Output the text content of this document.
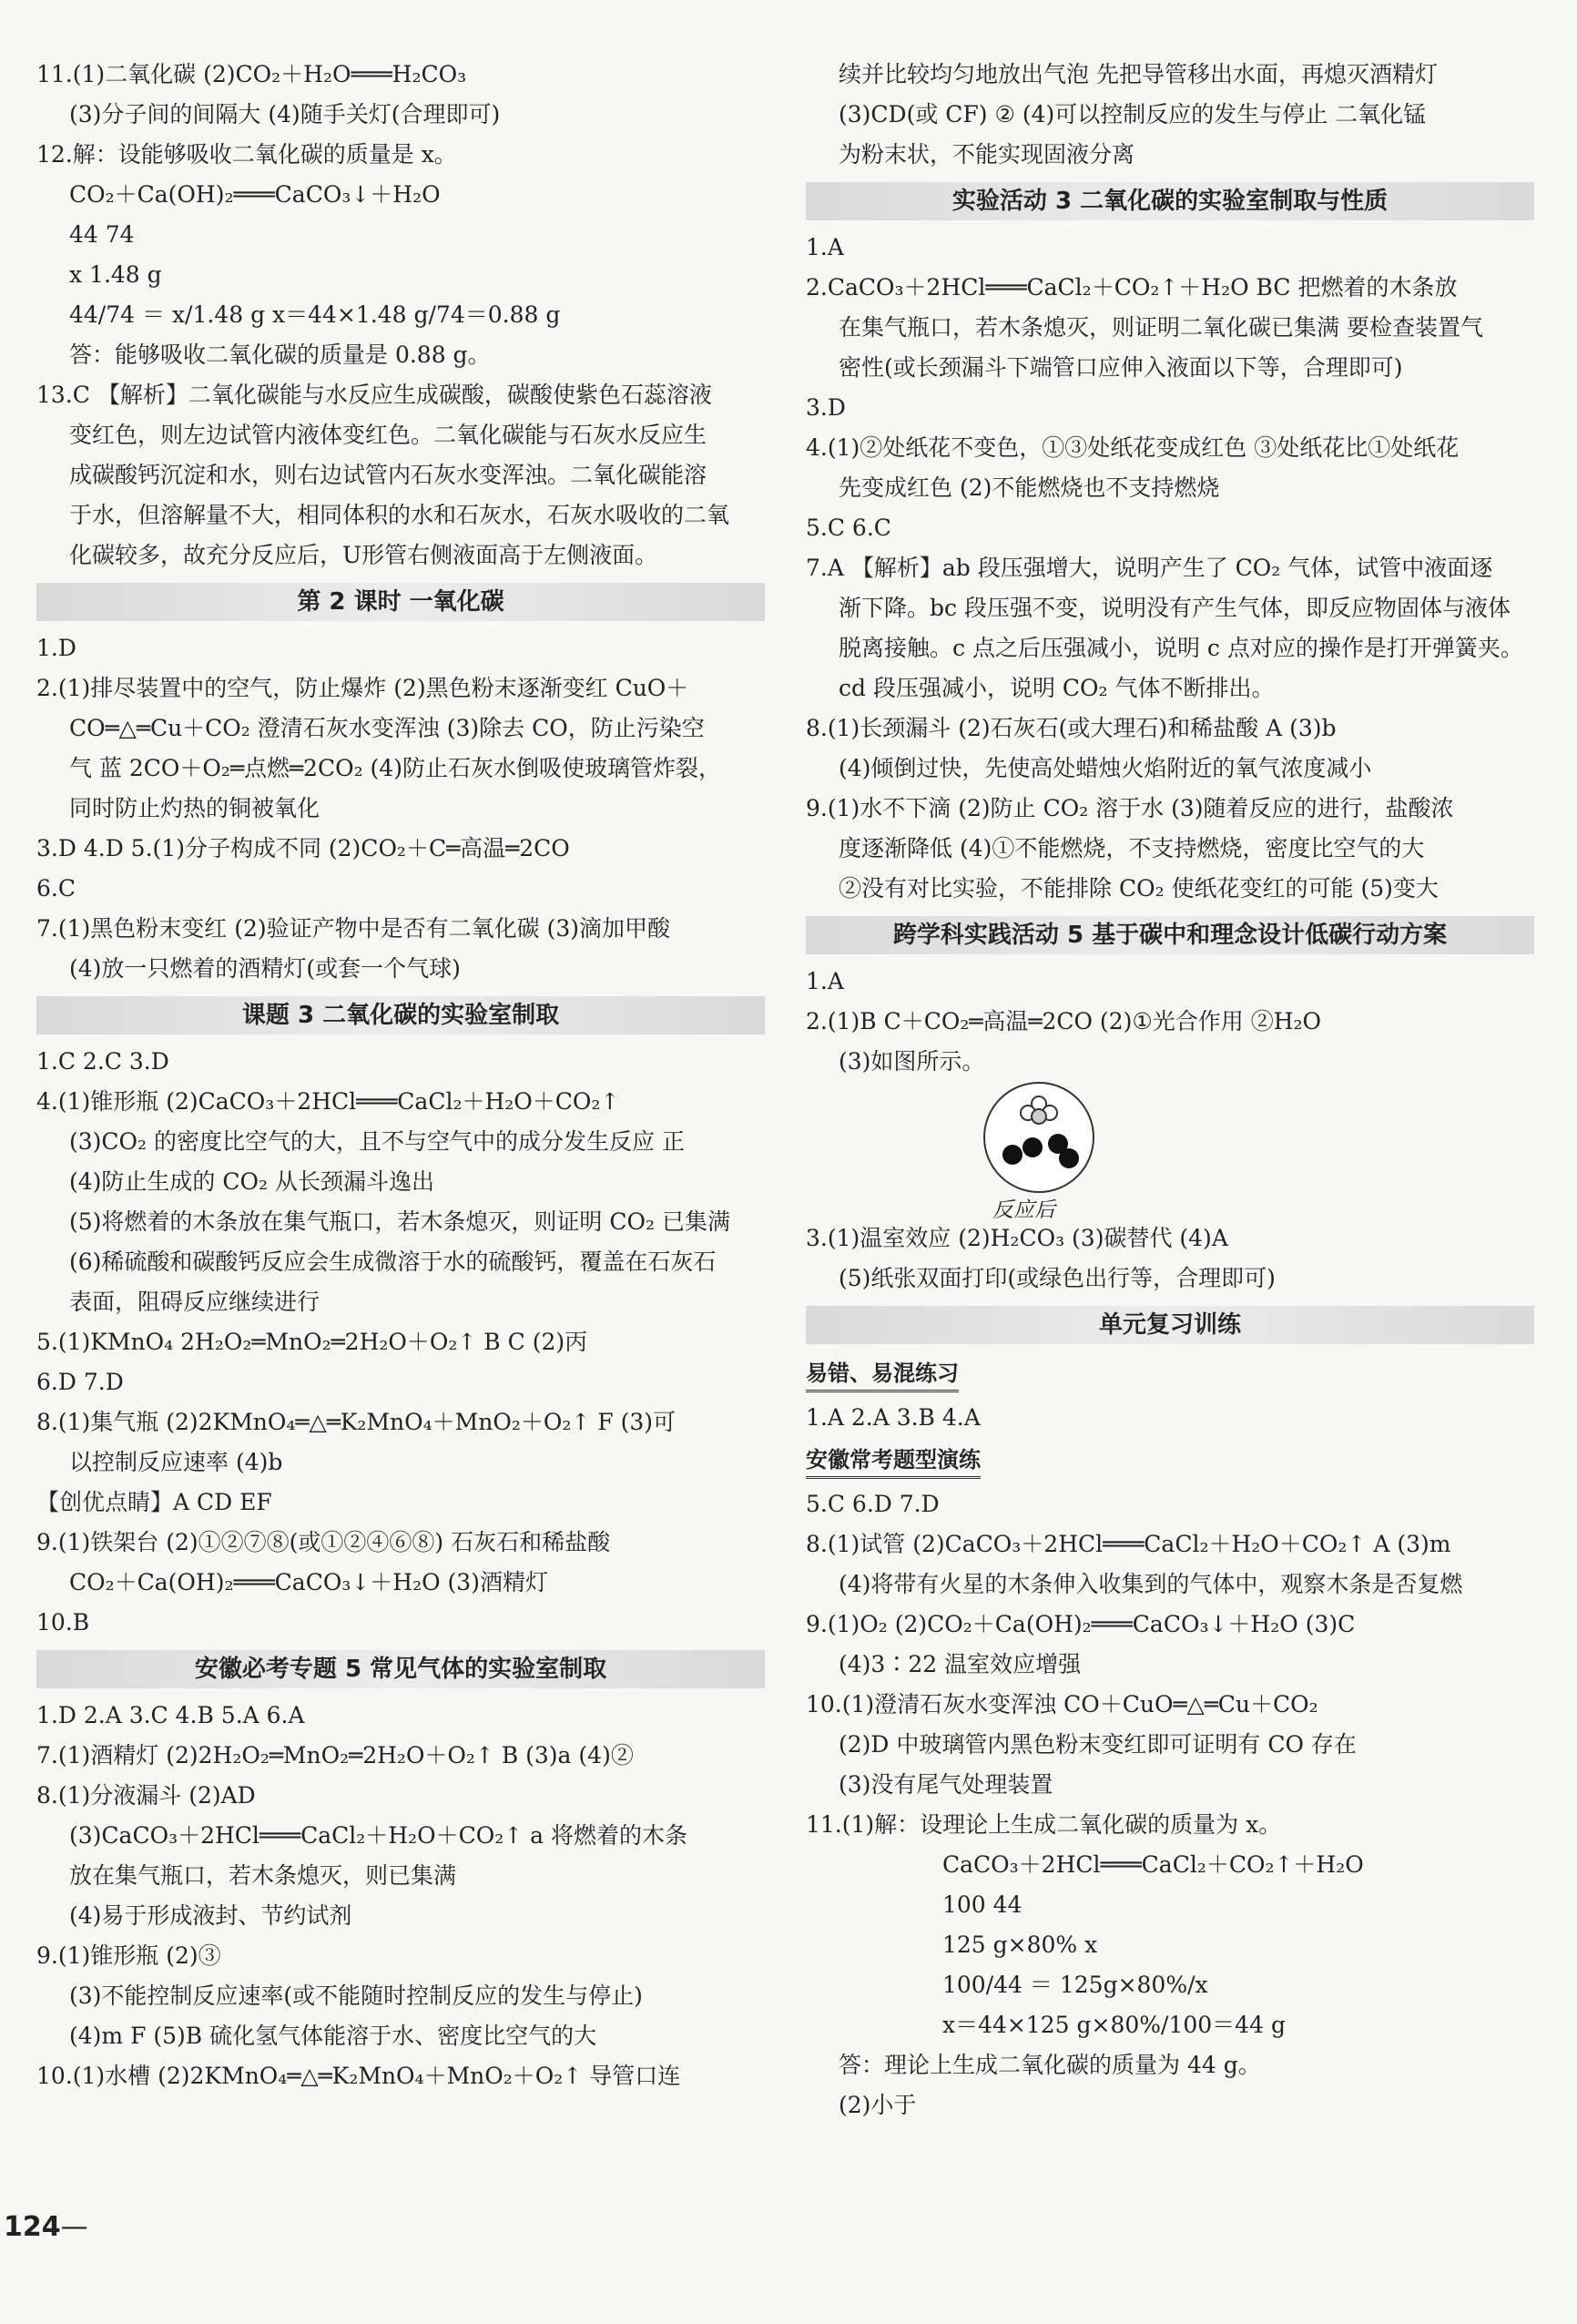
11.(1)二氧化碳 (2)CO₂＋H₂O═══H₂CO₃
(3)分子间的间隔大 (4)随手关灯(合理即可)
12.解：设能够吸收二氧化碳的质量是 x。
CO₂＋Ca(OH)₂═══CaCO₃↓＋H₂O
44 74
x 1.48 g
44/74 ＝ x/1.48 g x＝44×1.48 g/74＝0.88 g
答：能够吸收二氧化碳的质量是 0.88 g。
13.C 【解析】二氧化碳能与水反应生成碳酸，碳酸使紫色石蕊溶液
变红色，则左边试管内液体变红色。二氧化碳能与石灰水反应生
成碳酸钙沉淀和水，则右边试管内石灰水变浑浊。二氧化碳能溶
于水，但溶解量不大，相同体积的水和石灰水，石灰水吸收的二氧
化碳较多，故充分反应后，U形管右侧液面高于左侧液面。
第 2 课时 一氧化碳
1.D
2.(1)排尽装置中的空气，防止爆炸 (2)黑色粉末逐渐变红 CuO＋
CO═△═Cu＋CO₂ 澄清石灰水变浑浊 (3)除去 CO，防止污染空
气 蓝 2CO＋O₂═点燃═2CO₂ (4)防止石灰水倒吸使玻璃管炸裂，
同时防止灼热的铜被氧化
3.D 4.D 5.(1)分子构成不同 (2)CO₂＋C═高温═2CO
6.C
7.(1)黑色粉末变红 (2)验证产物中是否有二氧化碳 (3)滴加甲酸
(4)放一只燃着的酒精灯(或套一个气球)
课题 3 二氧化碳的实验室制取
1.C 2.C 3.D
4.(1)锥形瓶 (2)CaCO₃＋2HCl═══CaCl₂＋H₂O＋CO₂↑
(3)CO₂ 的密度比空气的大，且不与空气中的成分发生反应 正
(4)防止生成的 CO₂ 从长颈漏斗逸出
(5)将燃着的木条放在集气瓶口，若木条熄灭，则证明 CO₂ 已集满
(6)稀硫酸和碳酸钙反应会生成微溶于水的硫酸钙，覆盖在石灰石
表面，阻碍反应继续进行
5.(1)KMnO₄ 2H₂O₂═MnO₂═2H₂O＋O₂↑ B C (2)丙
6.D 7.D
8.(1)集气瓶 (2)2KMnO₄═△═K₂MnO₄＋MnO₂＋O₂↑ F (3)可
以控制反应速率 (4)b
【创优点睛】A CD EF
9.(1)铁架台 (2)①②⑦⑧(或①②④⑥⑧) 石灰石和稀盐酸
CO₂＋Ca(OH)₂═══CaCO₃↓＋H₂O (3)酒精灯
10.B
安徽必考专题 5 常见气体的实验室制取
1.D 2.A 3.C 4.B 5.A 6.A
7.(1)酒精灯 (2)2H₂O₂═MnO₂═2H₂O＋O₂↑ B (3)a (4)②
8.(1)分液漏斗 (2)AD
(3)CaCO₃＋2HCl═══CaCl₂＋H₂O＋CO₂↑ a 将燃着的木条
放在集气瓶口，若木条熄灭，则已集满
(4)易于形成液封、节约试剂
9.(1)锥形瓶 (2)③
(3)不能控制反应速率(或不能随时控制反应的发生与停止)
(4)m F (5)B 硫化氢气体能溶于水、密度比空气的大
10.(1)水槽 (2)2KMnO₄═△═K₂MnO₄＋MnO₂＋O₂↑ 导管口连
续并比较均匀地放出气泡 先把导管移出水面，再熄灭酒精灯
(3)CD(或 CF) ② (4)可以控制反应的发生与停止 二氧化锰
为粉末状，不能实现固液分离
实验活动 3 二氧化碳的实验室制取与性质
1.A
2.CaCO₃＋2HCl═══CaCl₂＋CO₂↑＋H₂O BC 把燃着的木条放
在集气瓶口，若木条熄灭，则证明二氧化碳已集满 要检查装置气
密性(或长颈漏斗下端管口应伸入液面以下等，合理即可)
3.D
4.(1)②处纸花不变色，①③处纸花变成红色 ③处纸花比①处纸花
先变成红色 (2)不能燃烧也不支持燃烧
5.C 6.C
7.A 【解析】ab 段压强增大，说明产生了 CO₂ 气体，试管中液面逐
渐下降。bc 段压强不变，说明没有产生气体，即反应物固体与液体
脱离接触。c 点之后压强减小，说明 c 点对应的操作是打开弹簧夹。
cd 段压强减小，说明 CO₂ 气体不断排出。
8.(1)长颈漏斗 (2)石灰石(或大理石)和稀盐酸 A (3)b
(4)倾倒过快，先使高处蜡烛火焰附近的氧气浓度减小
9.(1)水不下滴 (2)防止 CO₂ 溶于水 (3)随着反应的进行，盐酸浓
度逐渐降低 (4)①不能燃烧，不支持燃烧，密度比空气的大
②没有对比实验，不能排除 CO₂ 使纸花变红的可能 (5)变大
跨学科实践活动 5 基于碳中和理念设计低碳行动方案
1.A
2.(1)B C＋CO₂═高温═2CO (2)①光合作用 ②H₂O
(3)如图所示。
反应后
3.(1)温室效应 (2)H₂CO₃ (3)碳替代 (4)A
(5)纸张双面打印(或绿色出行等，合理即可)
单元复习训练
易错、易混练习
1.A 2.A 3.B 4.A
安徽常考题型演练
5.C 6.D 7.D
8.(1)试管 (2)CaCO₃＋2HCl═══CaCl₂＋H₂O＋CO₂↑ A (3)m
(4)将带有火星的木条伸入收集到的气体中，观察木条是否复燃
9.(1)O₂ (2)CO₂＋Ca(OH)₂═══CaCO₃↓＋H₂O (3)C
(4)3∶22 温室效应增强
10.(1)澄清石灰水变浑浊 CO＋CuO═△═Cu＋CO₂
(2)D 中玻璃管内黑色粉末变红即可证明有 CO 存在
(3)没有尾气处理装置
11.(1)解：设理论上生成二氧化碳的质量为 x。
CaCO₃＋2HCl═══CaCl₂＋CO₂↑＋H₂O
100 44
125 g×80% x
100/44 ＝ 125g×80%/x
x＝44×125 g×80%/100＝44 g
答：理论上生成二氧化碳的质量为 44 g。
(2)小于
124 —
